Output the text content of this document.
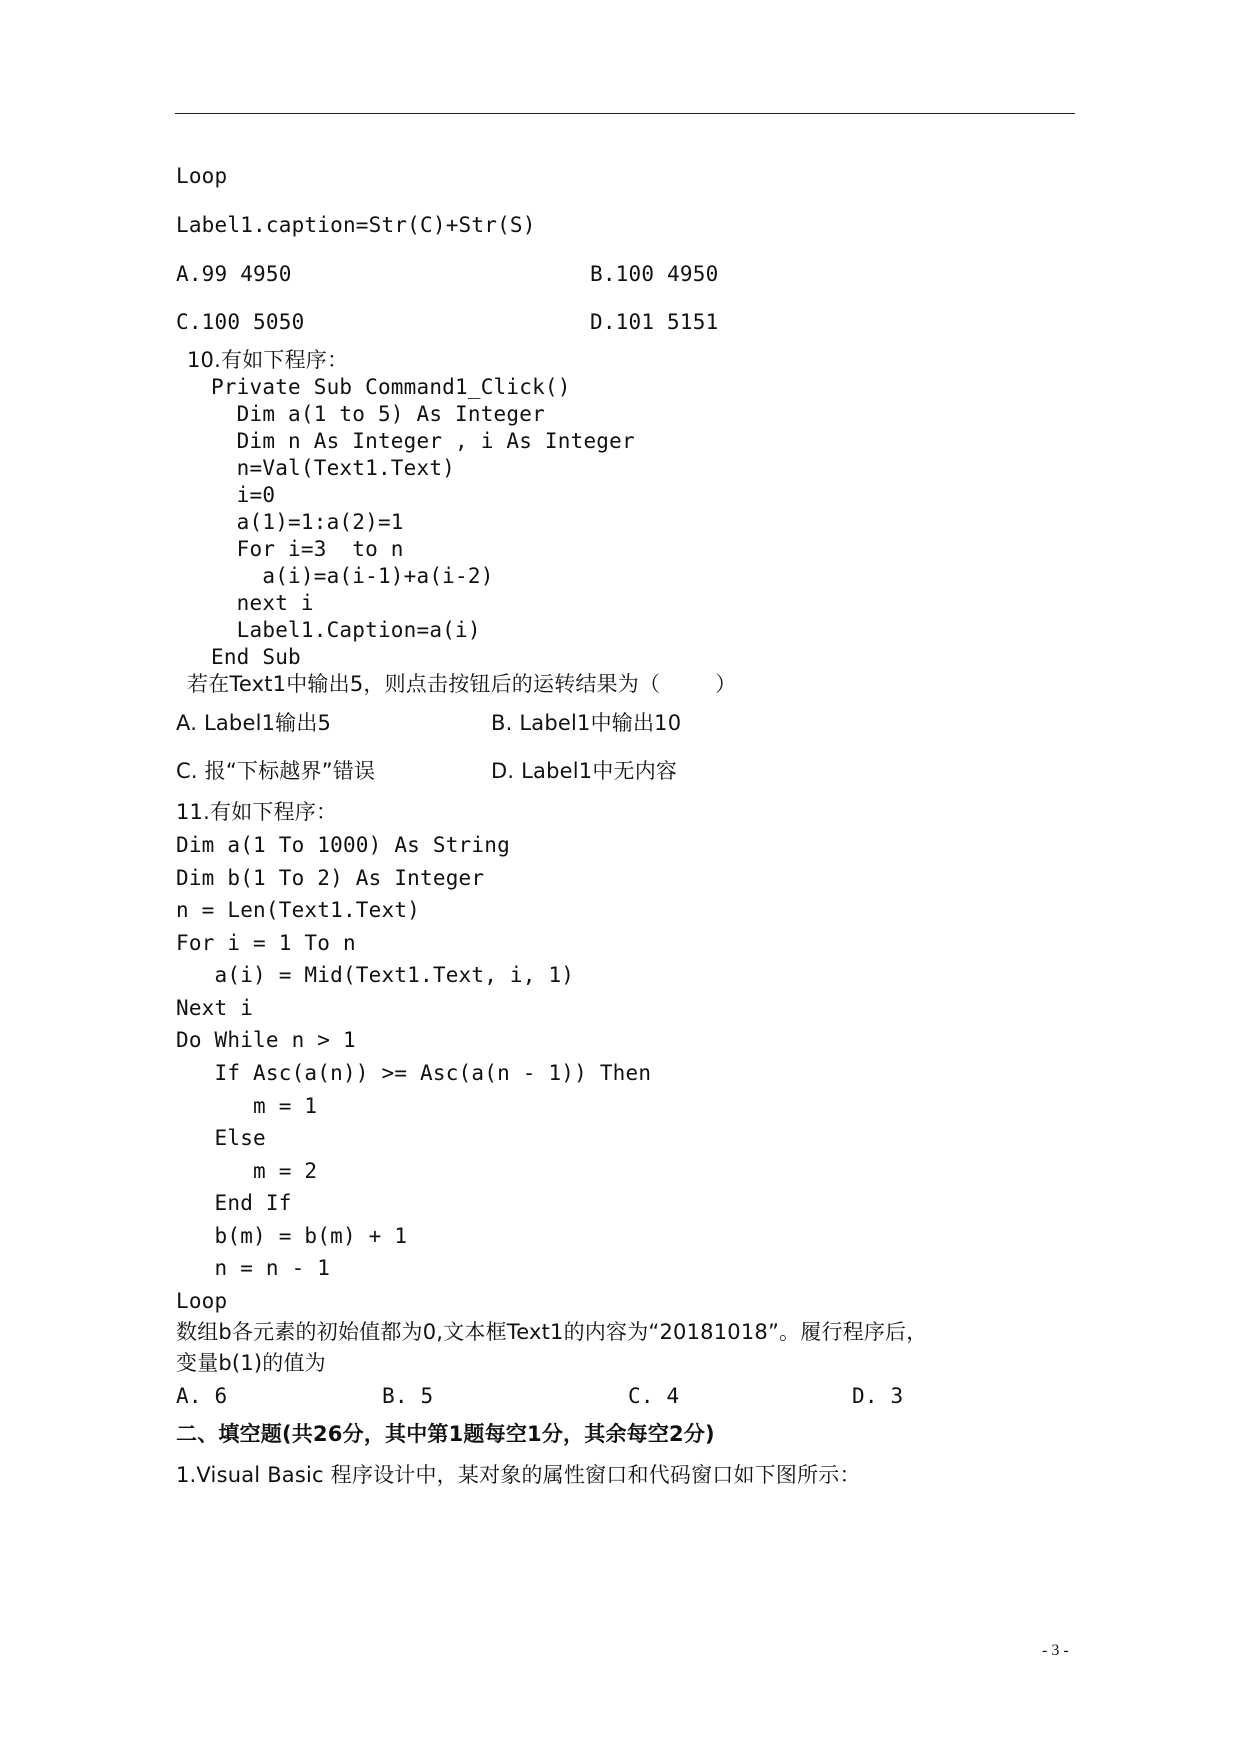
Loop
Label1.caption=Str(C)+Str(S)
A.99 4950	B.100 4950
C.100 5050	D.101 5151
10.有如下程序：
Private Sub Command1_Click()
Dim a(1 to 5) As Integer
Dim n As Integer , i As Integer
n=Val(Text1.Text)
i=0
a(1)=1:a(2)=1
For i=3  to n
a(i)=a(i-1)+a(i-2)
next i
Label1.Caption=a(i)
End Sub
若在Text1中输出5，则点击按钮后的运转结果为（        ）
A. Label1输出5	B. Label1中输出10
C. 报“下标越界”错误	D. Label1中无内容
11.有如下程序：
Dim a(1 To 1000) As String
Dim b(1 To 2) As Integer
n = Len(Text1.Text)
For i = 1 To n
a(i) = Mid(Text1.Text, i, 1)
Next i
Do While n > 1
If Asc(a(n)) >= Asc(a(n - 1)) Then
m = 1
Else
m = 2
End If
b(m) = b(m) + 1
n = n - 1
Loop
数组b各元素的初始值都为0,文本框Text1的内容为“20181018”。履行程序后，
变量b(1)的值为
A. 6	B. 5	C. 4	D. 3
二、填空题(共26分，其中第1题每空1分，其余每空2分)
1.Visual Basic 程序设计中，某对象的属性窗口和代码窗口如下图所示：
- 3 -
